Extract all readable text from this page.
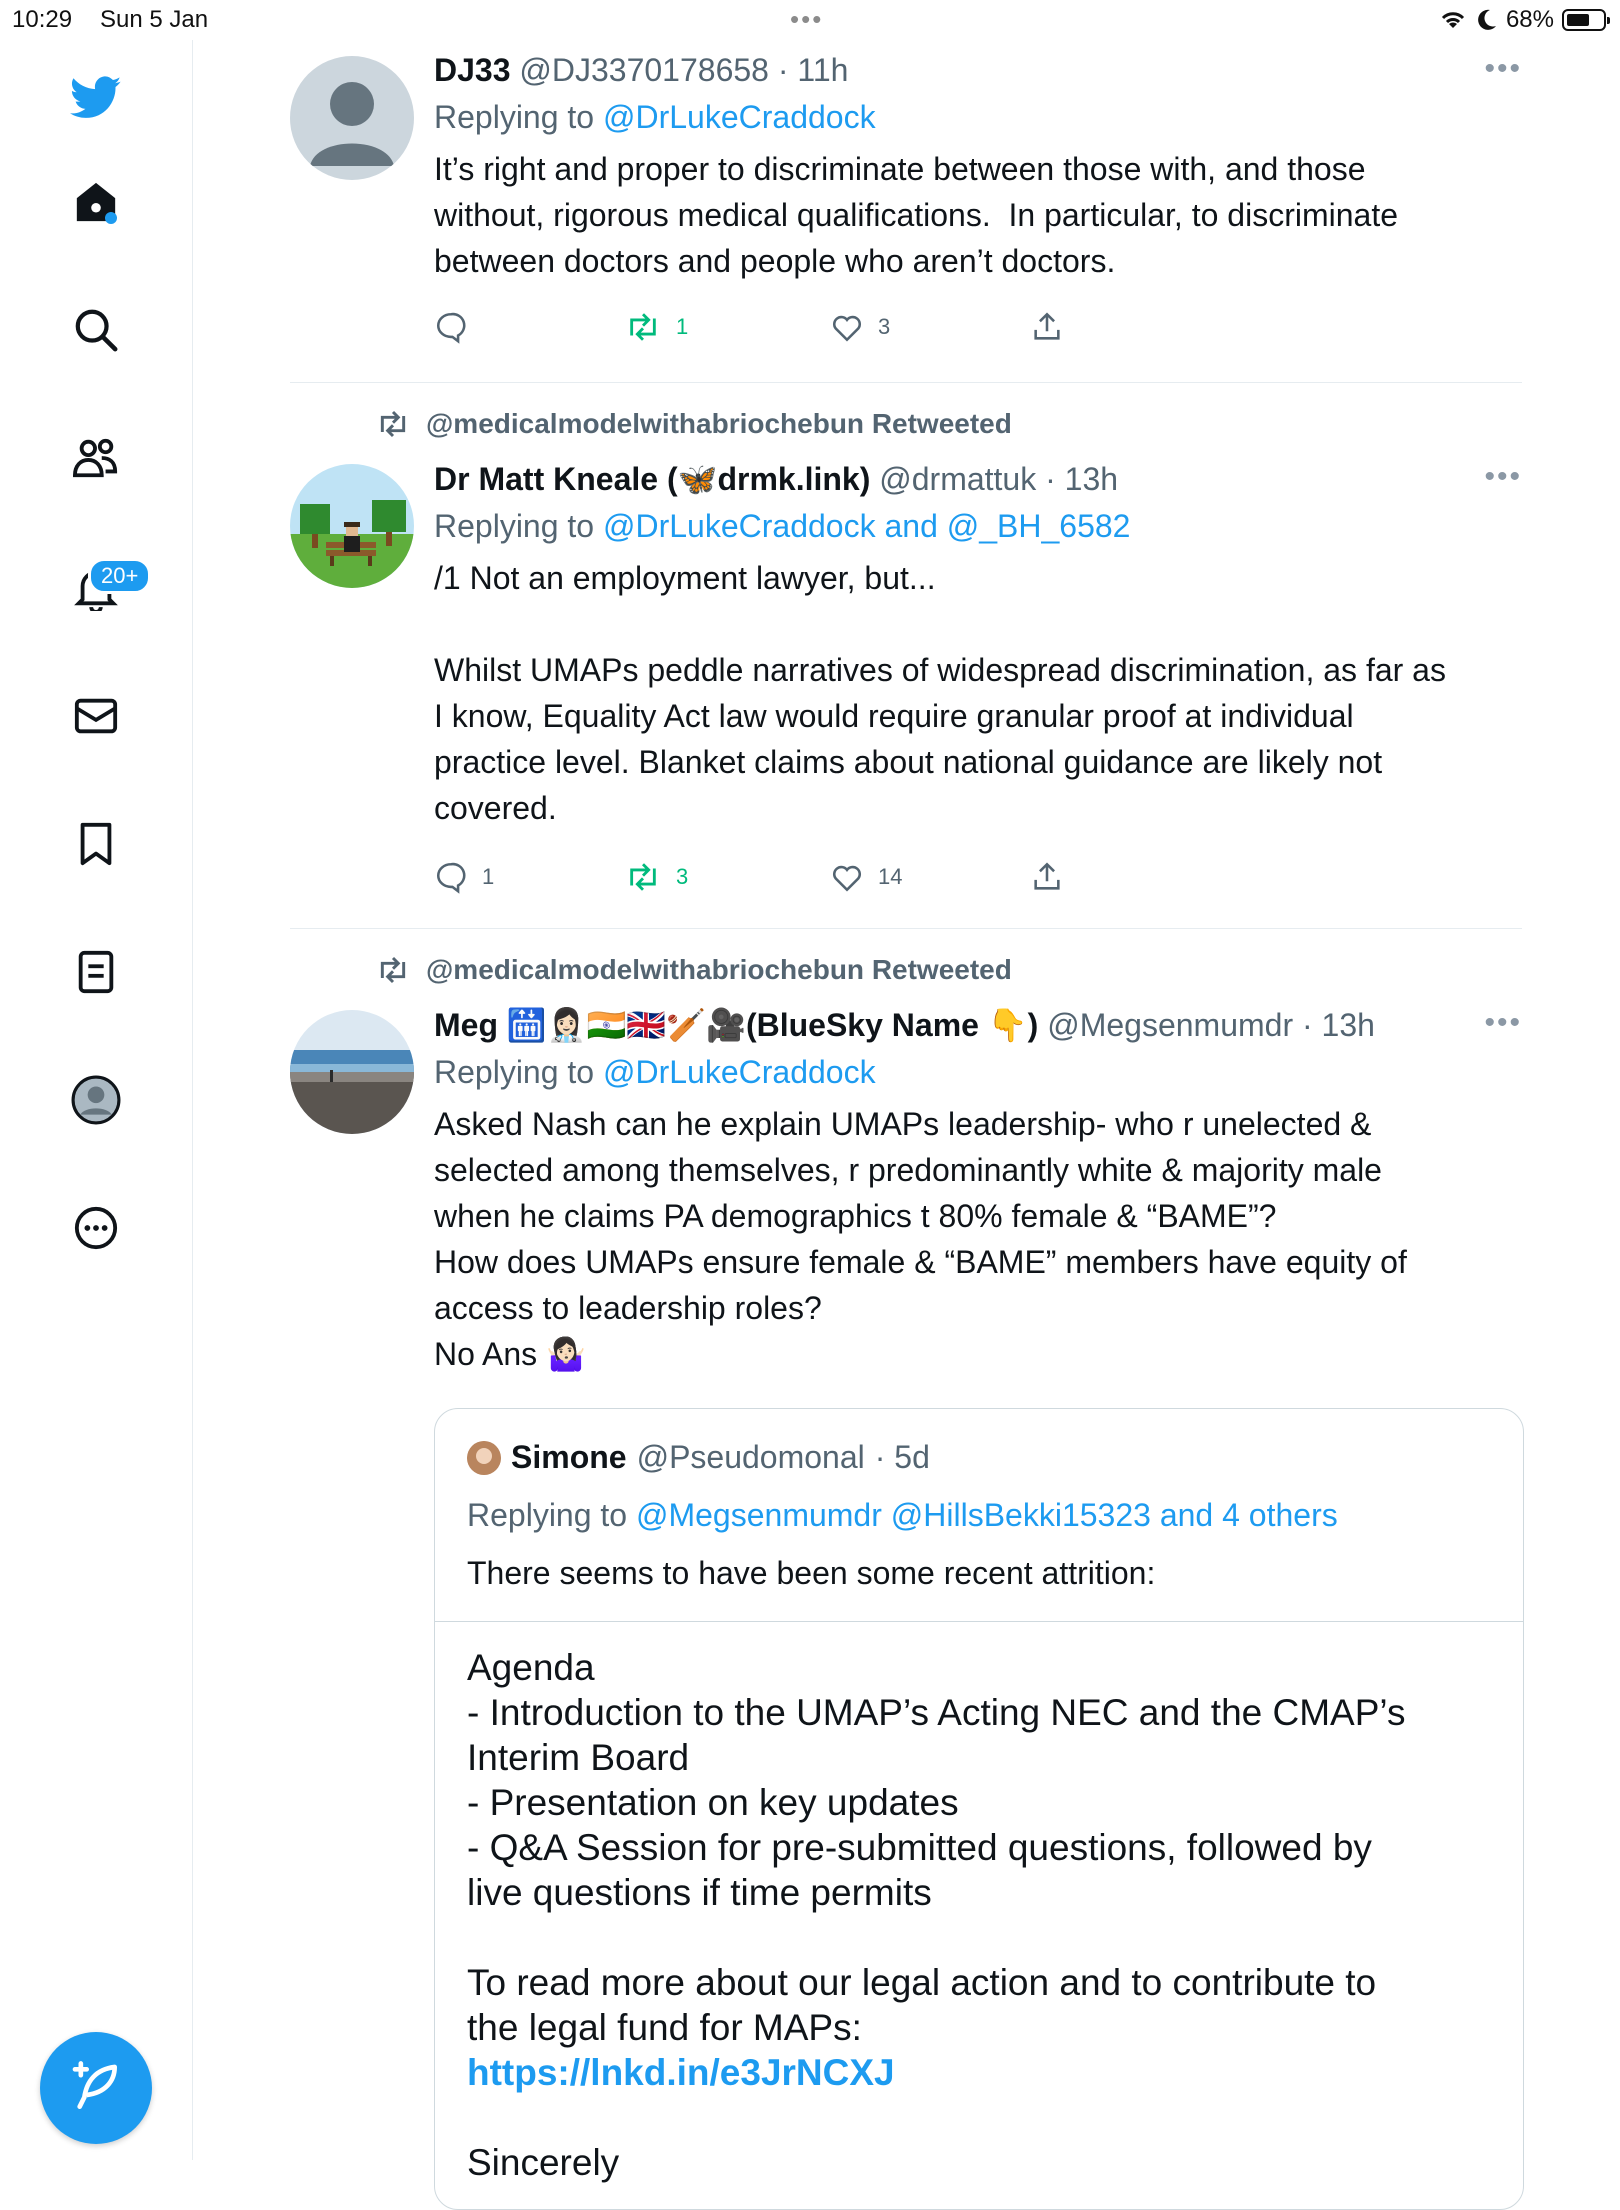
10:29 Sun 5 Jan	•••	68%
20+
DJ33 @DJ3370178658 · 11h
Replying to @DrLukeCraddock
It’s right and proper to discriminate between those with, and those
without, rigorous medical qualifications.  In particular, to discriminate
between doctors and people who aren’t doctors.
•••
1	3
@medicalmodelwithabriochebun Retweeted
Dr Matt Kneale (🦋drmk.link) @drmattuk · 13h
Replying to @DrLukeCraddock and @_BH_6582
/1 Not an employment lawyer, but...

Whilst UMAPs peddle narratives of widespread discrimination, as far as
I know, Equality Act law would require granular proof at individual
practice level. Blanket claims about national guidance are likely not
covered.
•••
1	3	14
@medicalmodelwithabriochebun Retweeted
Meg 🛗👩🏻‍⚕️🇮🇳🇬🇧🏏🎥(BlueSky Name 👇) @Megsenmumdr · 13h
Replying to @DrLukeCraddock
Asked Nash can he explain UMAPs leadership- who r unelected &
selected among themselves, r predominantly white & majority male
when he claims PA demographics t 80% female & “BAME”?
How does UMAPs ensure female & “BAME” members have equity of
access to leadership roles?
No Ans 🤷🏻‍♀️
•••
Simone @Pseudomonal · 5d
Replying to @Megsenmumdr @HillsBekki15323 and 4 others
There seems to have been some recent attrition:
Agenda
- Introduction to the UMAP’s Acting NEC and the CMAP’s
Interim Board
- Presentation on key updates
- Q&A Session for pre-submitted questions, followed by
live questions if time permits

To read more about our legal action and to contribute to
the legal fund for MAPs:
https://lnkd.in/e3JrNCXJ

Sincerely
